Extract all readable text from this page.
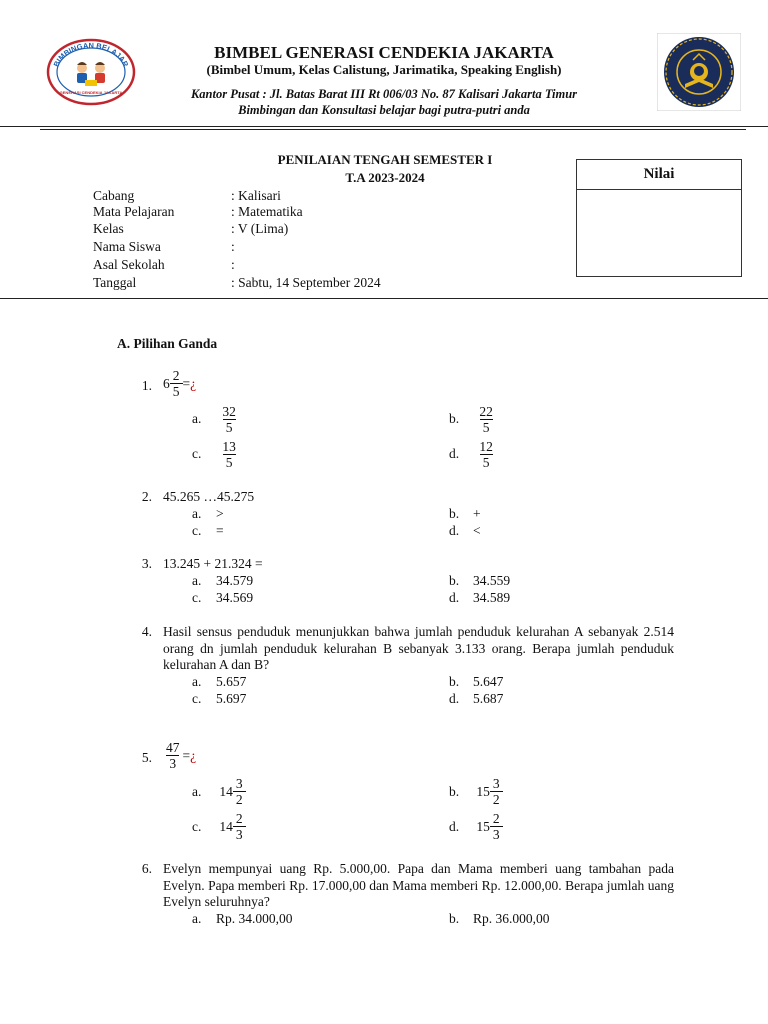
BIMBINGAN BELAJAR
GENERASI CENDEKIA JAKARTA
BIMBEL GENERASI CENDEKIA JAKARTA
(Bimbel Umum, Kelas Calistung, Jarimatika, Speaking English)
Kantor Pusat : Jl. Batas Barat III Rt 006/03 No. 87 Kalisari Jakarta Timur
Bimbingan dan Konsultasi belajar bagi putra-putri anda
PENILAIAN TENGAH SEMESTER I
T.A 2023-2024	Nilai
Cabang	: Kalisari
Mata Pelajaran	: Matematika
Kelas	: V (Lima)
Nama Siswa	:
Asal Sekolah	:
Tanggal	: Sabtu, 14 September 2024
A. Pilihan Ganda
1. $6 \frac{2}{5}$ = ¿
a. $\frac{32}{5}$	b. $\frac{22}{5}$
c. $\frac{13}{5}$	d. $\frac{12}{5}$
2. 45.265 …45.275
a. >	b. +
c. =	d. <
3. 13.245 + 21.324 =
a. 34.579	b. 34.559
c. 34.569	d. 34.589
4. Hasil sensus penduduk menunjukkan bahwa jumlah penduduk kelurahan A sebanyak 2.514 orang dn jumlah penduduk kelurahan B sebanyak 3.133 orang. Berapa jumlah penduduk kelurahan A dan B?
a. 5.657	b. 5.647
c. 5.697	d. 5.687
5. $\frac{47}{3}$ = ¿
a. $14 \frac{3}{2}$	b. $15 \frac{3}{2}$
c. $14 \frac{2}{3}$	d. $15 \frac{2}{3}$
6. Evelyn mempunyai uang Rp. 5.000,00. Papa dan Mama memberi uang tambahan pada Evelyn. Papa memberi Rp. 17.000,00 dan Mama memberi Rp. 12.000,00. Berapa jumlah uang Evelyn seluruhnya?
a. Rp. 34.000,00	b. Rp. 36.000,00
